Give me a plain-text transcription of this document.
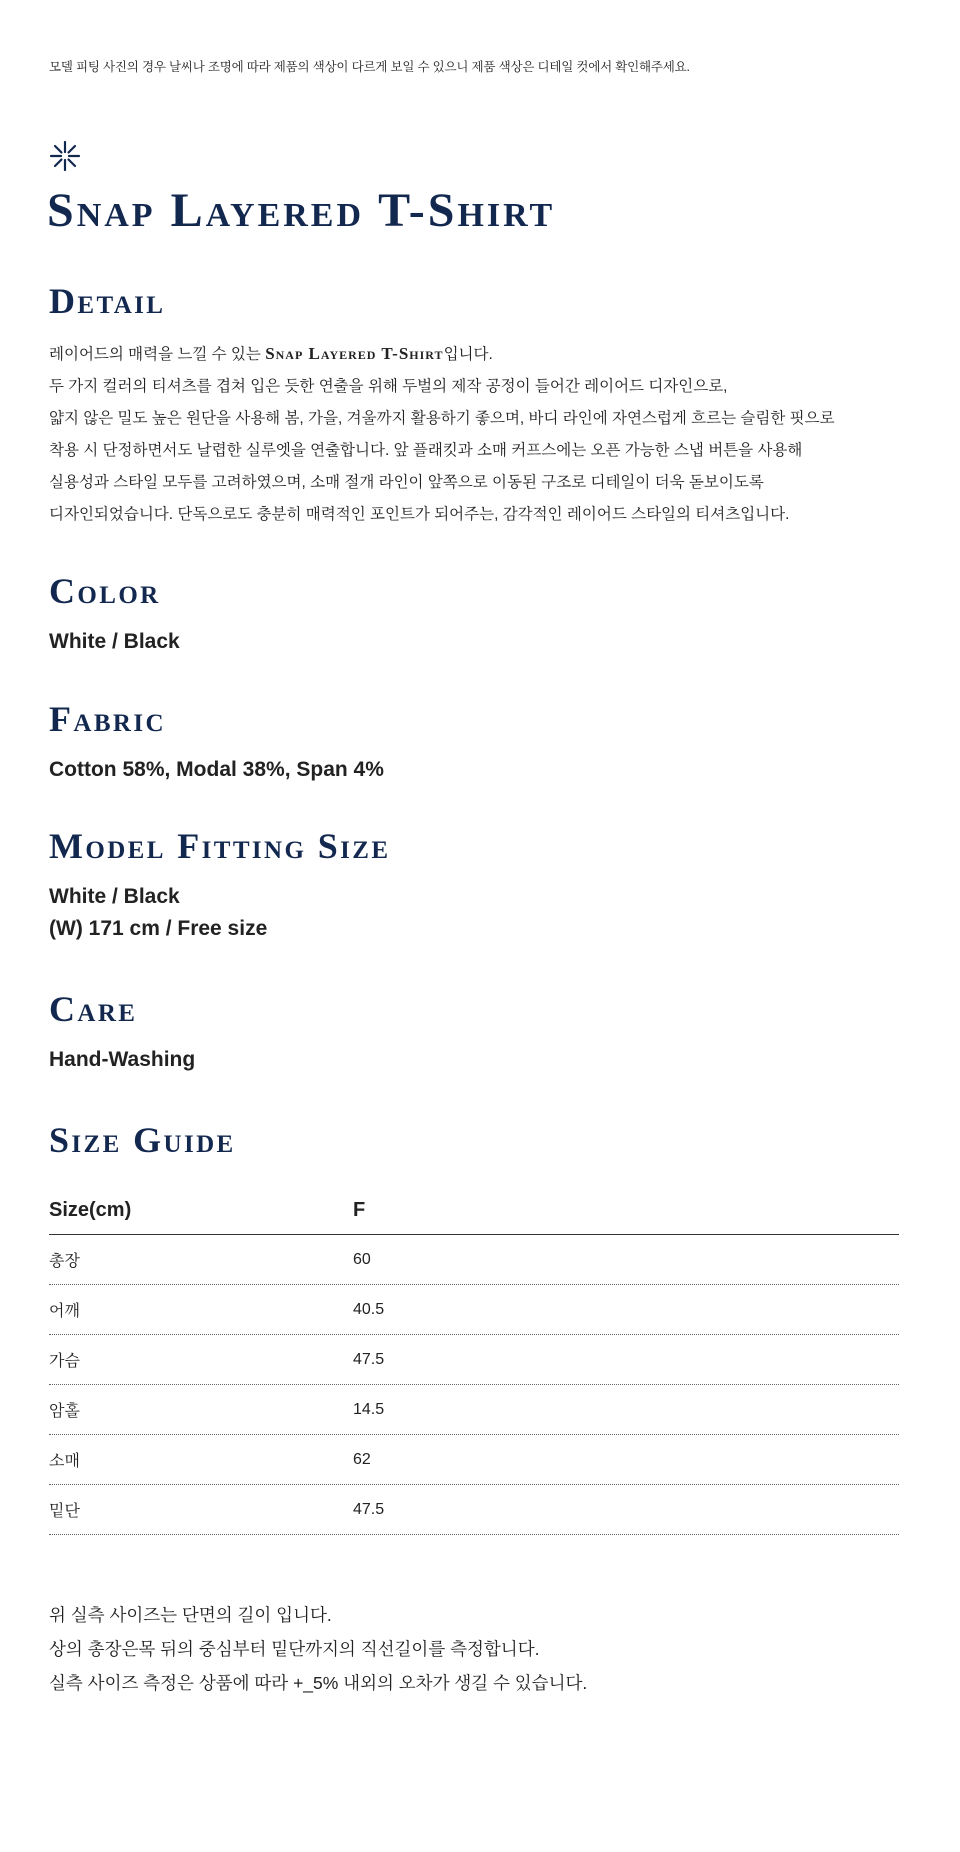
모델 피팅 사진의 경우 날씨나 조명에 따라 제품의 색상이 다르게 보일 수 있으니 제품 색상은 디테일 컷에서 확인해주세요.
Snap Layered T-Shirt
Detail
레이어드의 매력을 느낄 수 있는 Snap Layered T-Shirt입니다.
두 가지 컬러의 티셔츠를 겹쳐 입은 듯한 연출을 위해 두벌의 제작 공정이 들어간 레이어드 디자인으로,
얇지 않은 밀도 높은 원단을 사용해 봄, 가을, 겨울까지 활용하기 좋으며, 바디 라인에 자연스럽게 흐르는 슬림한 핏으로
착용 시 단정하면서도 날렵한 실루엣을 연출합니다. 앞 플래킷과 소매 커프스에는 오픈 가능한 스냅 버튼을 사용해
실용성과 스타일 모두를 고려하였으며, 소매 절개 라인이 앞쪽으로 이동된 구조로 디테일이 더욱 돋보이도록
디자인되었습니다. 단독으로도 충분히 매력적인 포인트가 되어주는, 감각적인 레이어드 스타일의 티셔츠입니다.
Color
White / Black
Fabric
Cotton 58%, Modal 38%, Span 4%
Model Fitting Size
White / Black
(W) 171 cm / Free size
Care
Hand-Washing
Size Guide
Size(cm)	F
총장	60
어깨	40.5
가슴	47.5
암홀	14.5
소매	62
밑단	47.5
위 실측 사이즈는 단면의 길이 입니다.
상의 총장은목 뒤의 중심부터 밑단까지의 직선길이를 측정합니다.
실측 사이즈 측정은 상품에 따라 +_5% 내외의 오차가 생길 수 있습니다.
